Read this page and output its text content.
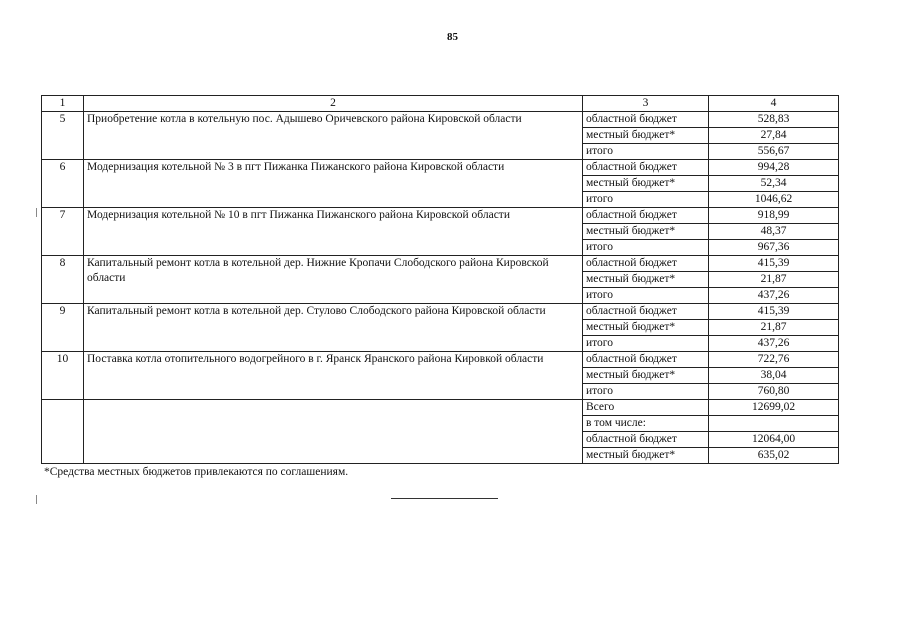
85
1	2	3	4
5	Приобретение котла в котельную пос. Адышево Оричевского района Кировской области	областной бюджет	528,83
		местный бюджет*	27,84
		итого	556,67
6	Модернизация котельной № 3 в пгт Пижанка Пижанского района Кировской области	областной бюджет	994,28
		местный бюджет*	52,34
		итого	1046,62
7	Модернизация котельной № 10 в пгт Пижанка Пижанского района Кировской области	областной бюджет	918,99
		местный бюджет*	48,37
		итого	967,36
8	Капитальный ремонт котла в котельной дер. Нижние Кропачи Слободского района Кировской области	областной бюджет	415,39
		местный бюджет*	21,87
		итого	437,26
9	Капитальный ремонт котла в котельной дер. Стулово Слободского района Кировской области	областной бюджет	415,39
		местный бюджет*	21,87
		итого	437,26
10	Поставка котла отопительного водогрейного в г. Яранск Яранского района Кировкой области	областной бюджет	722,76
		местный бюджет*	38,04
		итого	760,80
		Всего	12699,02
		в том числе:	
		областной бюджет	12064,00
		местный бюджет*	635,02
*Средства местных бюджетов привлекаются по соглашениям.
